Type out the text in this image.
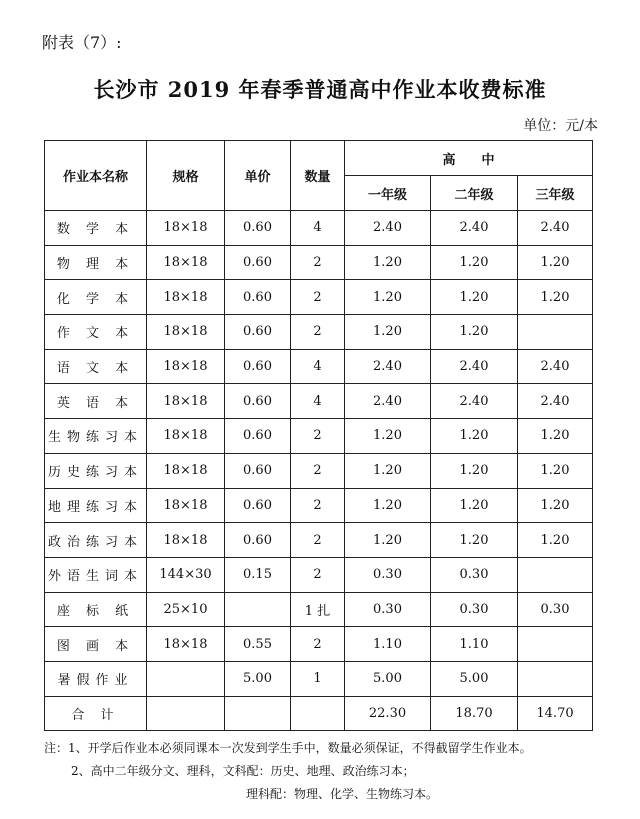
附表（7）:
长沙市 2019 年春季普通高中作业本收费标准
单位：元/本
作业本名称	规格	单价	数量	高　　中		
				一年级	二年级	三年级
数 学 本	18×18	0.60	4	2.40	2.40	2.40
物 理 本	18×18	0.60	2	1.20	1.20	1.20
化 学 本	18×18	0.60	2	1.20	1.20	1.20
作 文 本	18×18	0.60	2	1.20	1.20	
语 文 本	18×18	0.60	4	2.40	2.40	2.40
英 语 本	18×18	0.60	4	2.40	2.40	2.40
生物练习本	18×18	0.60	2	1.20	1.20	1.20
历史练习本	18×18	0.60	2	1.20	1.20	1.20
地理练习本	18×18	0.60	2	1.20	1.20	1.20
政治练习本	18×18	0.60	2	1.20	1.20	1.20
外语生词本	144×30	0.15	2	0.30	0.30	
座 标 纸	25×10		1 扎	0.30	0.30	0.30
图 画 本	18×18	0.55	2	1.10	1.10	
暑假作业		5.00	1	5.00	5.00	
合 计				22.30	18.70	14.70
注：1、开学后作业本必须同课本一次发到学生手中，数量必须保证，不得截留学生作业本。
2、高中二年级分文、理科，文科配：历史、地理、政治练习本；
理科配：物理、化学、生物练习本。
